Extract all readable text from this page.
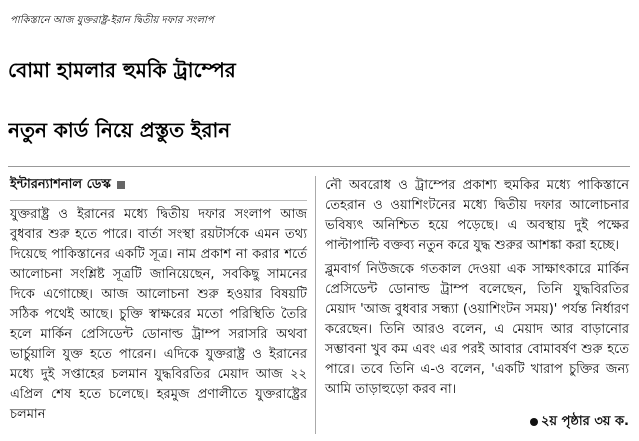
পাকিস্তানে আজ যুক্তরাষ্ট্র-ইরান দ্বিতীয় দফার সংলাপ
বোমা হামলার হুমকি ট্রাম্পের
নতুন কার্ড নিয়ে প্রস্তুত ইরান
ইন্টারন্যাশনাল ডেস্ক

যুক্তরাষ্ট্র ও ইরানের মধ্যে দ্বিতীয় দফার সংলাপ আজ বুধবার শুরু হতে পারে। বার্তা সংস্থা রয়টার্সকে এমন তথ্য দিয়েছে পাকিস্তানের একটি সূত্র। নাম প্রকাশ না করার শর্তে আলোচনা সংশ্লিষ্ট সূত্রটি জানিয়েছেন, সবকিছু সামনের দিকে এগোচ্ছে। আজ আলোচনা শুরু হওয়ার বিষয়টি সঠিক পথেই আছে। চুক্তি স্বাক্ষরের মতো পরিস্থিতি তৈরি হলে মার্কিন প্রেসিডেন্ট ডোনাল্ড ট্রাম্প সরাসরি অথবা ভার্চুয়ালি যুক্ত হতে পারেন। এদিকে যুক্তরাষ্ট্র ও ইরানের মধ্যে দুই সপ্তাহের চলমান যুদ্ধবিরতির মেয়াদ আজ ২২ এপ্রিল শেষ হতে চলেছে। হরমুজ প্রণালীতে যুক্তরাষ্ট্রের চলমান

নৌ অবরোধ ও ট্রাম্পের প্রকাশ্য হুমকির মধ্যে পাকিস্তানে তেহরান ও ওয়াশিংটনের মধ্যে দ্বিতীয় দফার আলোচনার ভবিষ্যৎ অনিশ্চিত হয়ে পড়েছে। এ অবস্থায় দুই পক্ষের পাল্টাপাল্টি বক্তব্য নতুন করে যুদ্ধ শুরুর আশঙ্কা করা হচ্ছে।

ব্লুমবার্গ নিউজকে গতকাল দেওয়া এক সাক্ষাৎকারে মার্কিন প্রেসিডেন্ট ডোনাল্ড ট্রাম্প বলেছেন, তিনি যুদ্ধবিরতির মেয়াদ 'আজ বুধবার সন্ধ্যা (ওয়াশিংটন সময়)' পর্যন্ত নির্ধারণ করেছেন। তিনি আরও বলেন, এ মেয়াদ আর বাড়ানোর সম্ভাবনা খুব কম এবং এর পরই আবার বোমাবর্ষণ শুরু হতে পারে। তবে তিনি এ-ও বলেন, 'একটি খারাপ চুক্তির জন্য আমি তাড়াহুড়ো করব না।

২য় পৃষ্ঠার ৩য় ক.
